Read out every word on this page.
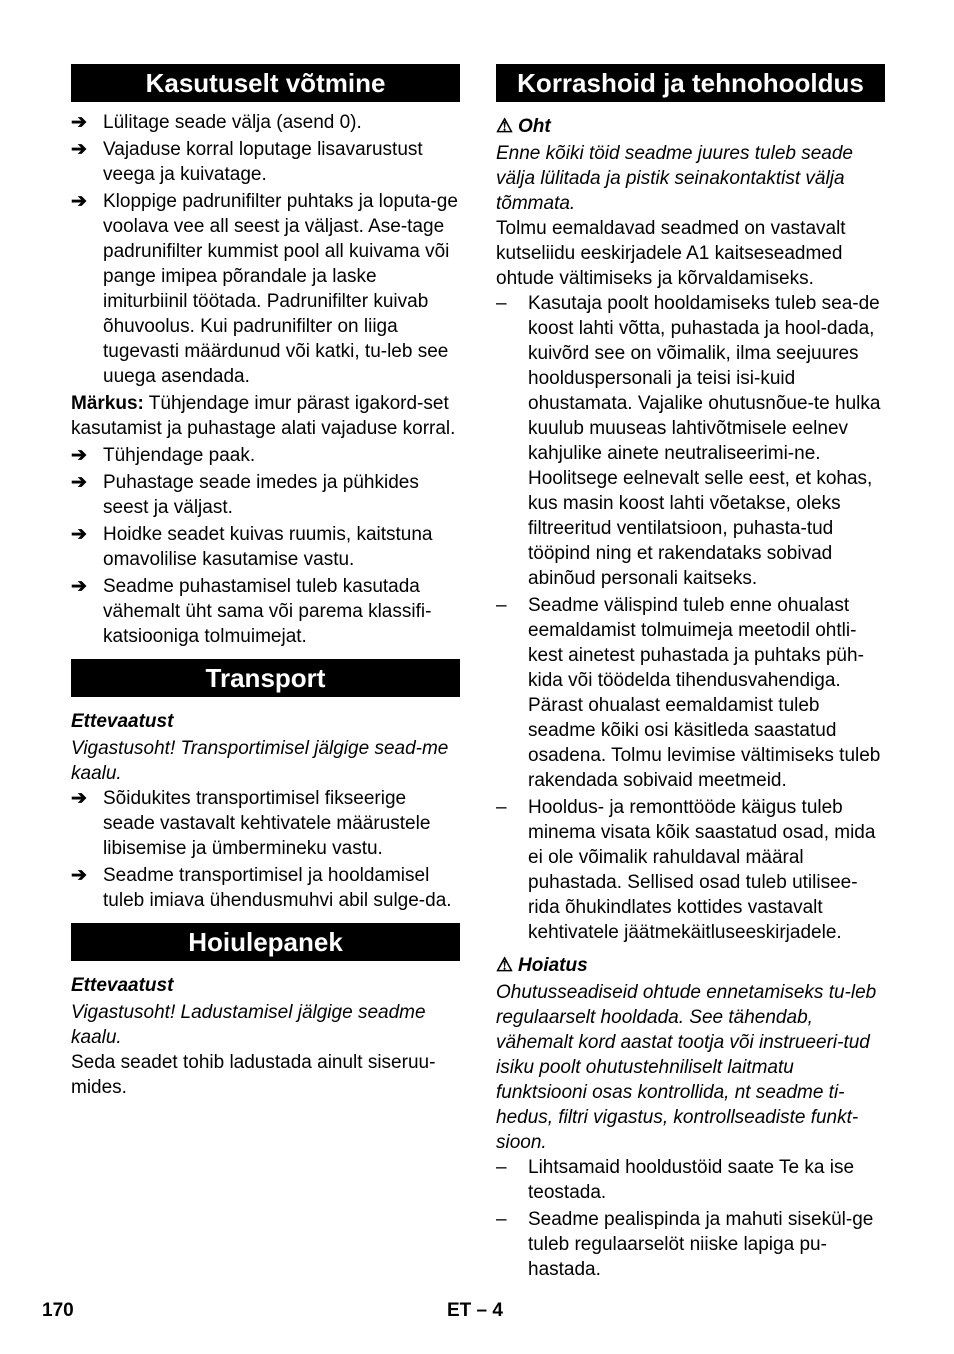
Kasutuselt võtmine
➔ Lülitage seade välja (asend 0).
➔ Vajaduse korral loputage lisavarustust veega ja kuivatage.
➔ Kloppige padrunifilter puhtaks ja loputa-ge voolava vee all seest ja väljast. Ase-tage padrunifilter kummist pool all kuivama või pange imipea põrandale ja laske imiturbiinil töötada. Padrunifilter kuivab õhuvoolus. Kui padrunifilter on liiga tugevasti määrdunud või katki, tu-leb see uuega asendada.

Märkus: Tühjendage imur pärast igakord-set kasutamist ja puhastage alati vajaduse korral.

➔ Tühjendage paak.
➔ Puhastage seade imedes ja pühkides seest ja väljast.
➔ Hoidke seadet kuivas ruumis, kaitstuna omavolilise kasutamise vastu.
➔ Seadme puhastamisel tuleb kasutada vähemalt üht sama või parema klassifi-katsiooniga tolmuimejat.
Transport

Ettevaatust

Vigastusoht! Transportimisel jälgige sead-me kaalu.

➔ Sõidukites transportimisel fikseerige seade vastavalt kehtivatele määrustele libisemise ja ümbermineku vastu.
➔ Seadme transportimisel ja hooldamisel tuleb imiava ühendusmuhvi abil sulge-da.
Hoiulepanek

Ettevaatust

Vigastusoht! Ladustamisel jälgige seadme kaalu.

Seda seadet tohib ladustada ainult siseruu-mides.

Korrashoid ja tehnohooldus

⚠ Oht

Enne kõiki töid seadme juures tuleb seade välja lülitada ja pistik seinakontaktist välja tõmmata.

Tolmu eemaldavad seadmed on vastavalt kutseliidu eeskirjadele A1 kaitseseadmed ohtude vältimiseks ja kõrvaldamiseks.

–	Kasutaja poolt hooldamiseks tuleb sea-de koost lahti võtta, puhastada ja hool-dada, kuivõrd see on võimalik, ilma seejuures hoolduspersonali ja teisi isi-kuid ohustamata. Vajalike ohutusnõue-te hulka kuulub muuseas lahtivõtmisele eelnev kahjulike ainete neutraliseerimi-ne. Hoolitsege eelnevalt selle eest, et kohas, kus masin koost lahti võetakse, oleks filtreeritud ventilatsioon, puhasta-tud tööpind ning et rakendataks sobivad abinõud personali kaitseks.
–	Seadme välispind tuleb enne ohualast eemaldamist tolmuimeja meetodil ohtli-kest ainetest puhastada ja puhtaks püh-kida või töödelda tihendusvahendiga. Pärast ohualast eemaldamist tuleb seadme kõiki osi käsitleda saastatud osadena. Tolmu levimise vältimiseks tuleb rakendada sobivaid meetmeid.
–	Hooldus- ja remonttööde käigus tuleb minema visata kõik saastatud osad, mida ei ole võimalik rahuldaval määral puhastada. Sellised osad tuleb utilisee-rida õhukindlates kottides vastavalt kehtivatele jäätmekäitluseeskirjadele.

⚠ Hoiatus

Ohutusseadiseid ohtude ennetamiseks tu-leb regulaarselt hooldada. See tähendab, vähemalt kord aastat tootja või instrueeri-tud isiku poolt ohutustehniliselt laitmatu funktsiooni osas kontrollida, nt seadme ti-hedus, filtri vigastus, kontrollseadiste funkt-sioon.

–	Lihtsamaid hooldustöid saate Te ka ise teostada.
–	Seadme pealispinda ja mahuti sisekül-ge tuleb regulaarselöt niiske lapiga pu-hastada.
170	ET – 4
